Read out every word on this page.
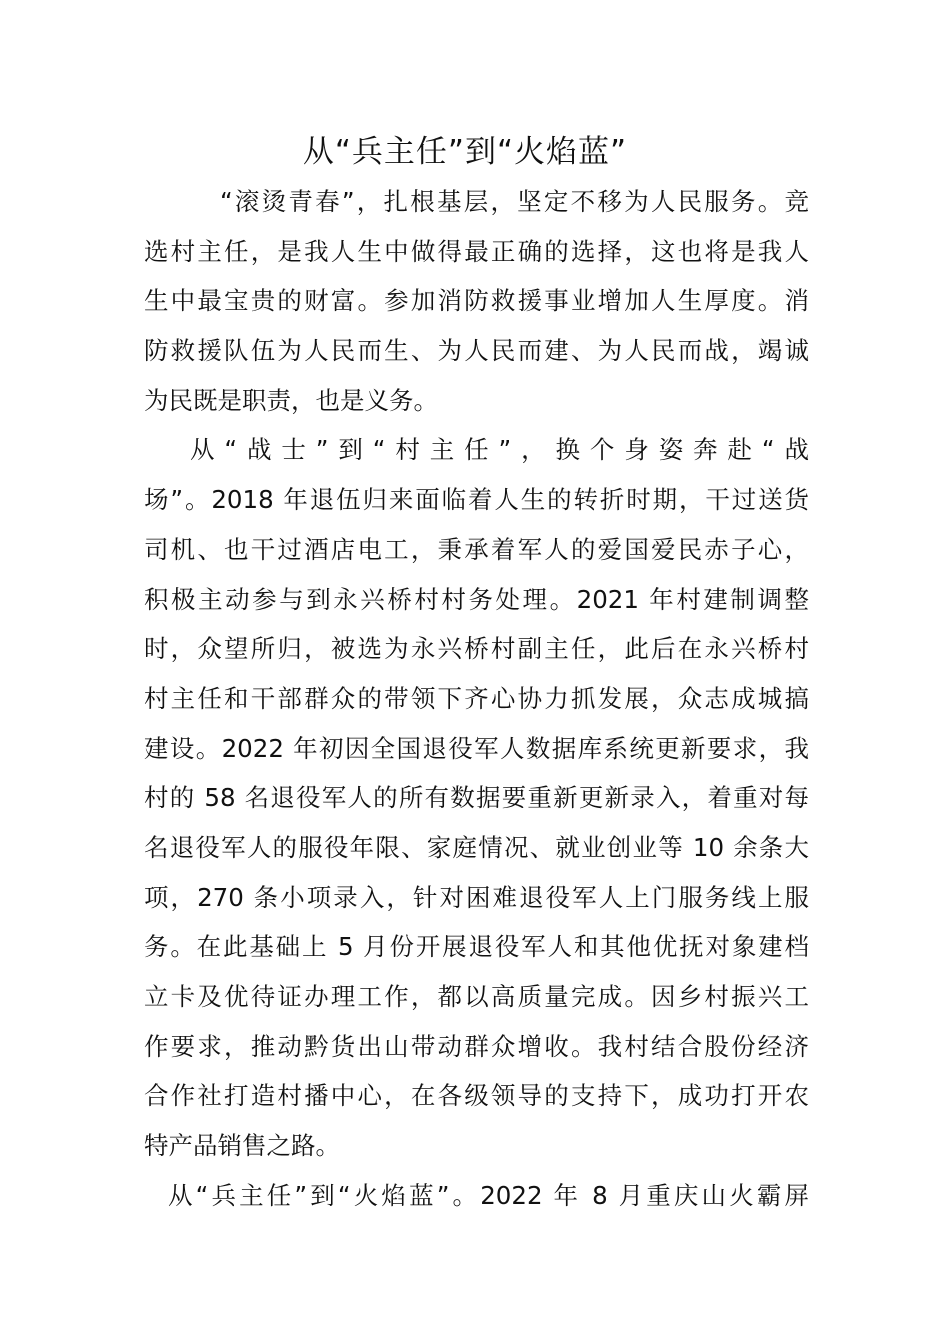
从“兵主任”到“火焰蓝”
“滚烫青春”，扎根基层，坚定不移为人民服务。竞
选村主任，是我人生中做得最正确的选择，这也将是我人
生中最宝贵的财富。参加消防救援事业增加人生厚度。消
防救援队伍为人民而生、为人民而建、为人民而战，竭诚
为民既是职责，也是义务。
从“战士”到“村主任”，换个身姿奔赴“战
场”。2018 年退伍归来面临着人生的转折时期，干过送货
司机、也干过酒店电工，秉承着军人的爱国爱民赤子心，
积极主动参与到永兴桥村村务处理。2021 年村建制调整
时，众望所归，被选为永兴桥村副主任，此后在永兴桥村
村主任和干部群众的带领下齐心协力抓发展，众志成城搞
建设。2022 年初因全国退役军人数据库系统更新要求，我
村的 58 名退役军人的所有数据要重新更新录入，着重对每
名退役军人的服役年限、家庭情况、就业创业等 10 余条大
项，270 条小项录入，针对困难退役军人上门服务线上服
务。在此基础上 5 月份开展退役军人和其他优抚对象建档
立卡及优待证办理工作，都以高质量完成。因乡村振兴工
作要求，推动黔货出山带动群众增收。我村结合股份经济
合作社打造村播中心，在各级领导的支持下，成功打开农
特产品销售之路。
从“兵主任”到“火焰蓝”。2022 年 8 月重庆山火霸屏
